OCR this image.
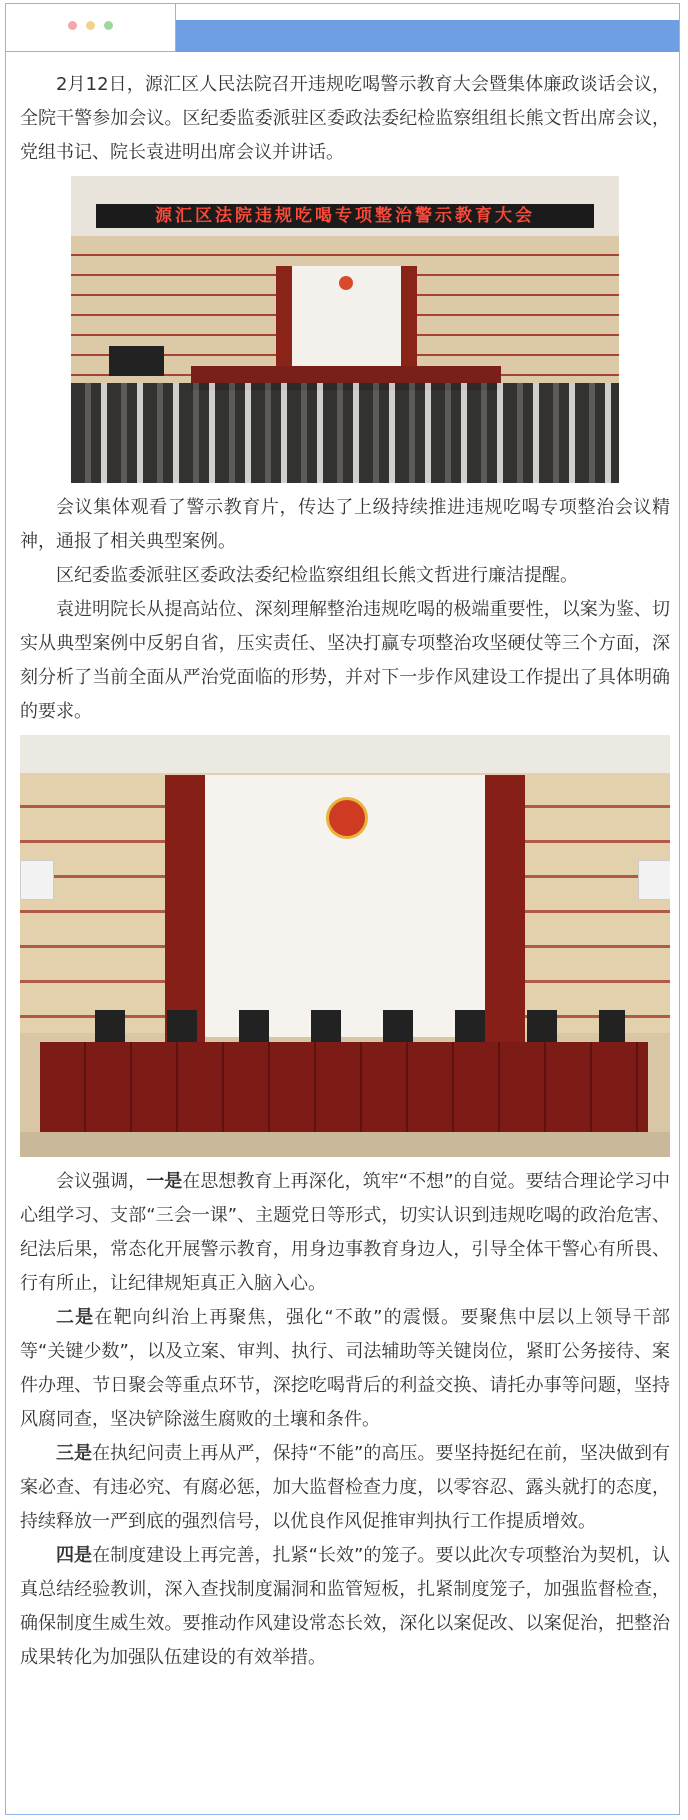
2月12日，源汇区人民法院召开违规吃喝警示教育大会暨集体廉政谈话会议，全院干警参加会议。区纪委监委派驻区委政法委纪检监察组组长熊文哲出席会议，党组书记、院长袁进明出席会议并讲话。

源汇区法院违规吃喝专项整治警示教育大会

会议集体观看了警示教育片，传达了上级持续推进违规吃喝专项整治会议精神，通报了相关典型案例。

区纪委监委派驻区委政法委纪检监察组组长熊文哲进行廉洁提醒。

袁进明院长从提高站位、深刻理解整治违规吃喝的极端重要性，以案为鉴、切实从典型案例中反躬自省，压实责任、坚决打赢专项整治攻坚硬仗等三个方面，深刻分析了当前全面从严治党面临的形势，并对下一步作风建设工作提出了具体明确的要求。

会议强调，一是在思想教育上再深化，筑牢“不想”的自觉。要结合理论学习中心组学习、支部“三会一课”、主题党日等形式，切实认识到违规吃喝的政治危害、纪法后果，常态化开展警示教育，用身边事教育身边人，引导全体干警心有所畏、行有所止，让纪律规矩真正入脑入心。

二是在靶向纠治上再聚焦，强化“不敢”的震慑。要聚焦中层以上领导干部等“关键少数”，以及立案、审判、执行、司法辅助等关键岗位，紧盯公务接待、案件办理、节日聚会等重点环节，深挖吃喝背后的利益交换、请托办事等问题，坚持风腐同查，坚决铲除滋生腐败的土壤和条件。

三是在执纪问责上再从严，保持“不能”的高压。要坚持挺纪在前，坚决做到有案必查、有违必究、有腐必惩，加大监督检查力度，以零容忍、露头就打的态度，持续释放一严到底的强烈信号，以优良作风促推审判执行工作提质增效。

四是在制度建设上再完善，扎紧“长效”的笼子。要以此次专项整治为契机，认真总结经验教训，深入查找制度漏洞和监管短板，扎紧制度笼子，加强监督检查，确保制度生威生效。要推动作风建设常态长效，深化以案促改、以案促治，把整治成果转化为加强队伍建设的有效举措。
